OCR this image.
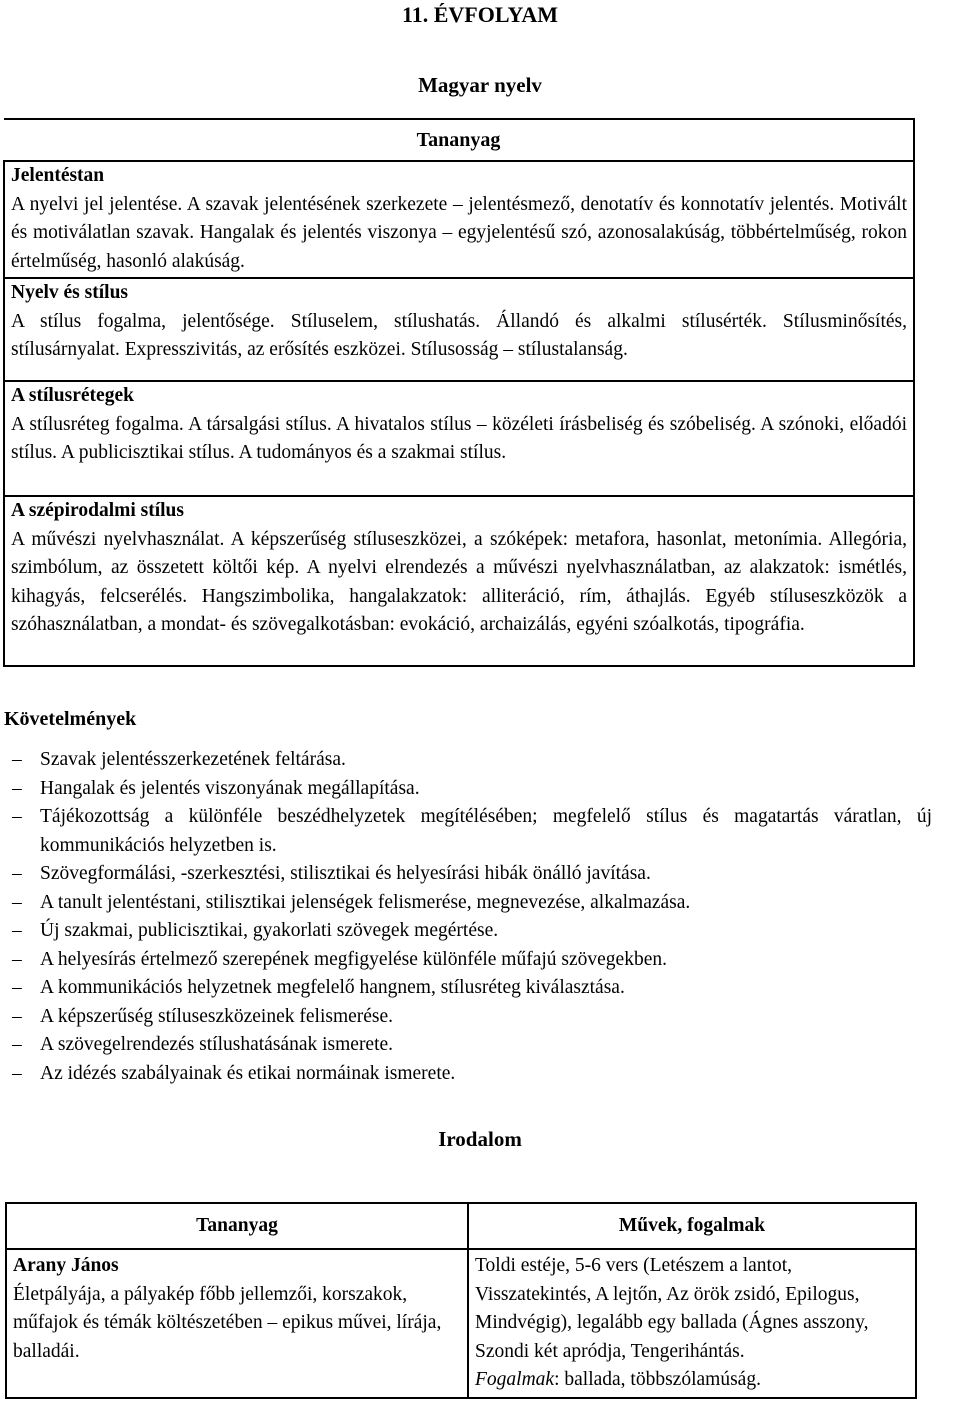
11. ÉVFOLYAM
Magyar nyelv
Tananyag

Jelentéstan
A nyelvi jel jelentése. A szavak jelentésének szerkezete – jelentésmező, denotatív és konnotatív jelentés. Motivált és motiválatlan szavak. Hangalak és jelentés viszonya – egyjelentésű szó, azonosalakúság, többértelműség, rokon értelműség, hasonló alakúság.

Nyelv és stílus
A stílus fogalma, jelentősége. Stíluselem, stílushatás. Állandó és alkalmi stílusérték. Stílusminősítés, stílusárnyalat. Expresszivitás, az erősítés eszközei. Stílusosság – stílustalanság.

A stílusrétegek
A stílusréteg fogalma. A társalgási stílus. A hivatalos stílus – közéleti írásbeliség és szóbeliség. A szónoki, előadói stílus. A publicisztikai stílus. A tudományos és a szakmai stílus.

A szépirodalmi stílus
A művészi nyelvhasználat. A képszerűség stíluseszközei, a szóképek: metafora, hasonlat, metonímia. Allegória, szimbólum, az összetett költői kép. A nyelvi elrendezés a művészi nyelvhasználatban, az alakzatok: ismétlés, kihagyás, felcserélés. Hangszimbolika, hangalakzatok: alliteráció, rím, áthajlás. Egyéb stíluseszközök a szóhasználatban, a mondat- és szövegalkotásban: evokáció, archaizálás, egyéni szóalkotás, tipográfia.
Követelmények
– Szavak jelentésszerkezetének feltárása.
– Hangalak és jelentés viszonyának megállapítása.
– Tájékozottság a különféle beszédhelyzetek megítélésében; megfelelő stílus és magatartás váratlan, új kommunikációs helyzetben is.
– Szövegformálási, -szerkesztési, stilisztikai és helyesírási hibák önálló javítása.
– A tanult jelentéstani, stilisztikai jelenségek felismerése, megnevezése, alkalmazása.
– Új szakmai, publicisztikai, gyakorlati szövegek megértése.
– A helyesírás értelmező szerepének megfigyelése különféle műfajú szövegekben.
– A kommunikációs helyzetnek megfelelő hangnem, stílusréteg kiválasztása.
– A képszerűség stíluseszközeinek felismerése.
– A szövegelrendezés stílushatásának ismerete.
– Az idézés szabályainak és etikai normáinak ismerete.
Irodalom
Tananyag	Művek, fogalmak

Arany János
Életpályája, a pályakép főbb jellemzői, korszakok, műfajok és témák költészetében – epikus művei, lírája, balladái.	Toldi estéje, 5-6 vers (Letészem a lantot, Visszatekintés, A lejtőn, Az örök zsidó, Epilogus, Mindvégig), legalább egy ballada (Ágnes asszony, Szondi két apródja, Tengerihántás.
Fogalmak: ballada, többszólamúság.
